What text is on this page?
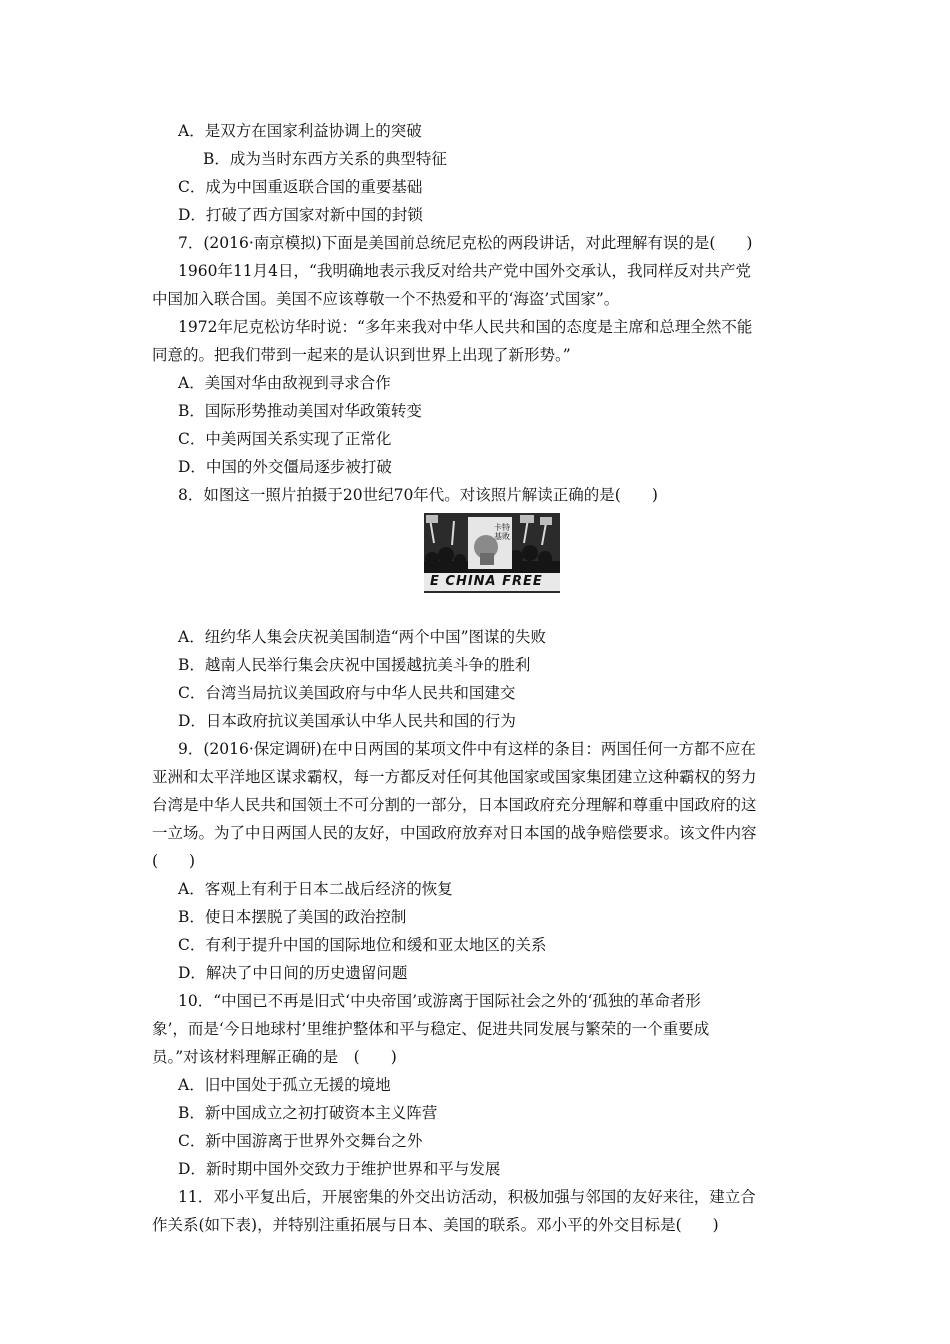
A．是双方在国家利益协调上的突破
B．成为当时东西方关系的典型特征
C．成为中国重返联合国的重要基础
D．打破了西方国家对新中国的封锁
7．(2016·南京模拟)下面是美国前总统尼克松的两段讲话，对此理解有误的是(　　)
1960年11月4日，“我明确地表示我反对给共产党中国外交承认，我同样反对共产党
中国加入联合国。美国不应该尊敬一个不热爱和平的‘海盗’式国家”。
1972年尼克松访华时说：“多年来我对中华人民共和国的态度是主席和总理全然不能
同意的。把我们带到一起来的是认识到世界上出现了新形势。”
A．美国对华由敌视到寻求合作
B．国际形势推动美国对华政策转变
C．中美两国关系实现了正常化
D．中国的外交僵局逐步被打破
8．如图这一照片拍摄于20世纪70年代。对该照片解读正确的是(　　)
卡特基败
E CHINA FREE
A．纽约华人集会庆祝美国制造“两个中国”图谋的失败
B．越南人民举行集会庆祝中国援越抗美斗争的胜利
C．台湾当局抗议美国政府与中华人民共和国建交
D．日本政府抗议美国承认中华人民共和国的行为
9．(2016·保定调研)在中日两国的某项文件中有这样的条目：两国任何一方都不应在
亚洲和太平洋地区谋求霸权，每一方都反对任何其他国家或国家集团建立这种霸权的努力
台湾是中华人民共和国领土不可分割的一部分，日本国政府充分理解和尊重中国政府的这
一立场。为了中日两国人民的友好，中国政府放弃对日本国的战争赔偿要求。该文件内容
(　　)
A．客观上有利于日本二战后经济的恢复
B．使日本摆脱了美国的政治控制
C．有利于提升中国的国际地位和缓和亚太地区的关系
D．解决了中日间的历史遗留问题
10．“中国已不再是旧式‘中央帝国’或游离于国际社会之外的‘孤独的革命者形
象’，而是‘今日地球村’里维护整体和平与稳定、促进共同发展与繁荣的一个重要成
员。”对该材料理解正确的是　(　　)
A．旧中国处于孤立无援的境地
B．新中国成立之初打破资本主义阵营
C．新中国游离于世界外交舞台之外
D．新时期中国外交致力于维护世界和平与发展
11．邓小平复出后，开展密集的外交出访活动，积极加强与邻国的友好来往，建立合
作关系(如下表)，并特别注重拓展与日本、美国的联系。邓小平的外交目标是(　　)
